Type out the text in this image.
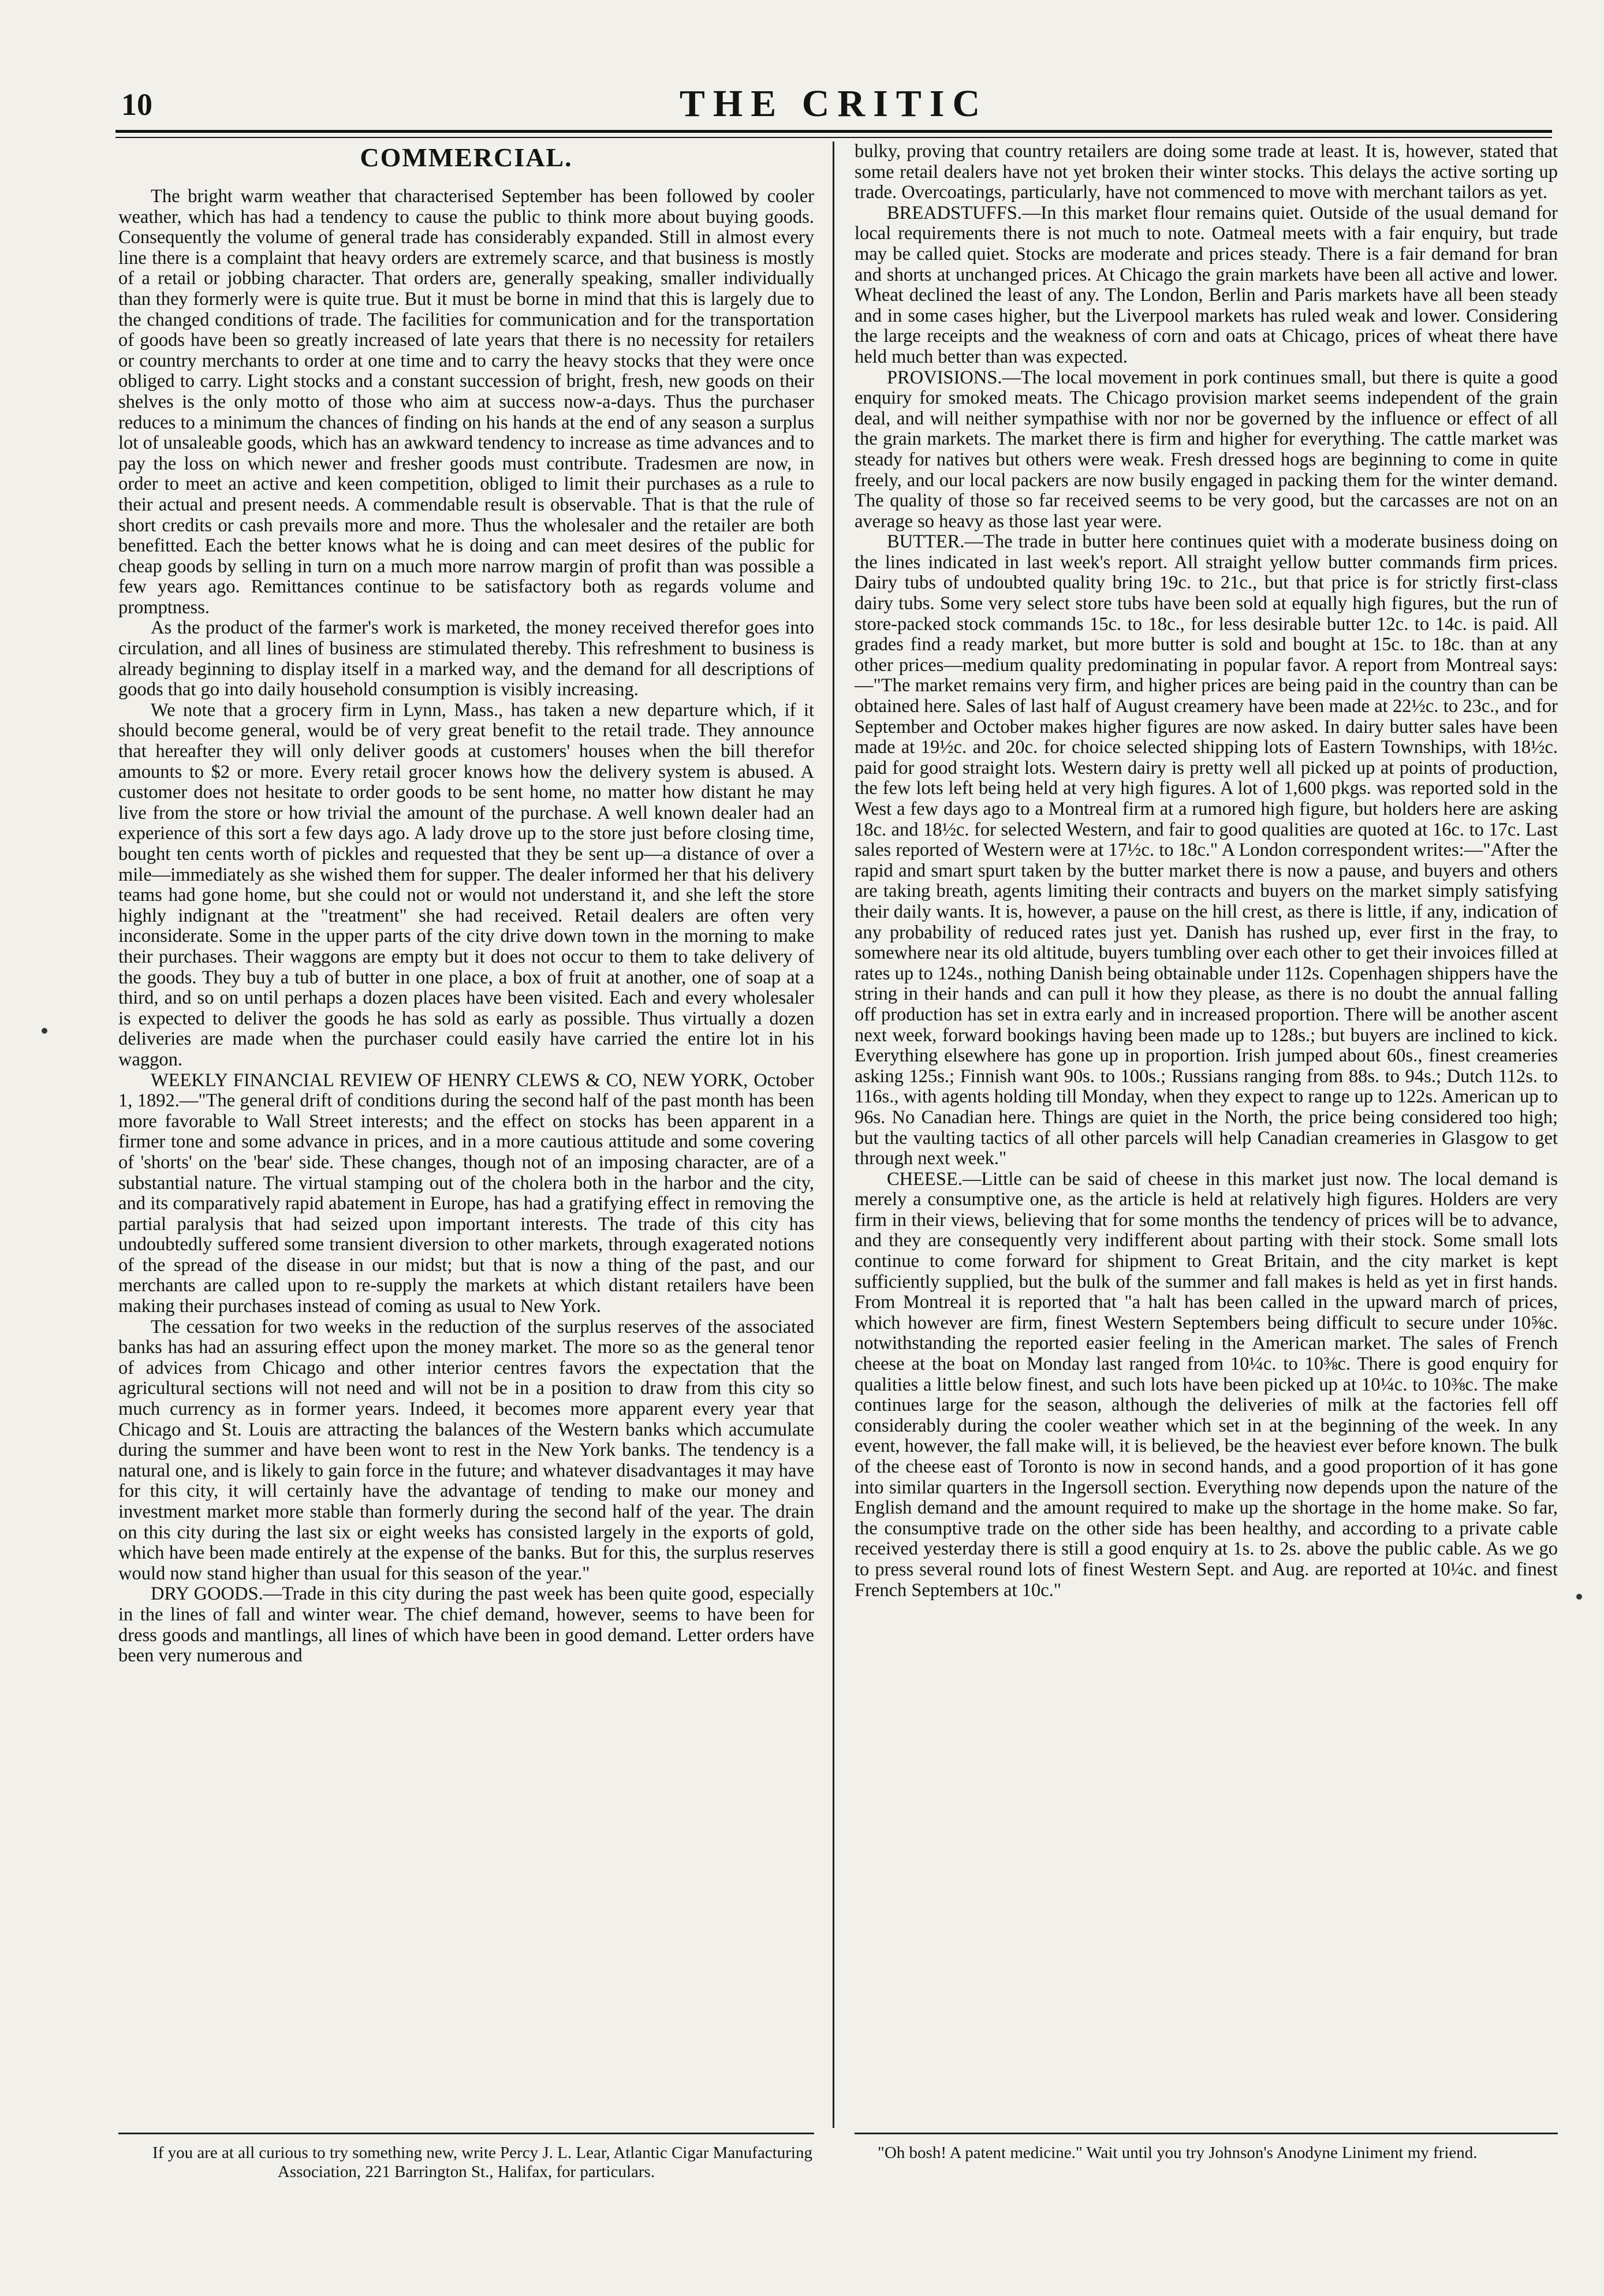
10	THE CRITIC
COMMERCIAL.

The bright warm weather that characterised September has been followed by cooler weather, which has had a tendency to cause the public to think more about buying goods. Consequently the volume of general trade has considerably expanded. Still in almost every line there is a complaint that heavy orders are extremely scarce, and that business is mostly of a retail or jobbing character. That orders are, generally speaking, smaller individually than they formerly were is quite true. But it must be borne in mind that this is largely due to the changed conditions of trade. The facilities for communication and for the transportation of goods have been so greatly increased of late years that there is no necessity for retailers or country merchants to order at one time and to carry the heavy stocks that they were once obliged to carry. Light stocks and a constant succession of bright, fresh, new goods on their shelves is the only motto of those who aim at success now-a-days. Thus the purchaser reduces to a minimum the chances of finding on his hands at the end of any season a surplus lot of unsaleable goods, which has an awkward tendency to increase as time advances and to pay the loss on which newer and fresher goods must contribute. Tradesmen are now, in order to meet an active and keen competition, obliged to limit their purchases as a rule to their actual and present needs. A commendable result is observable. That is that the rule of short credits or cash prevails more and more. Thus the wholesaler and the retailer are both benefitted. Each the better knows what he is doing and can meet desires of the public for cheap goods by selling in turn on a much more narrow margin of profit than was possible a few years ago. Remittances continue to be satisfactory both as regards volume and promptness.

As the product of the farmer's work is marketed, the money received therefor goes into circulation, and all lines of business are stimulated thereby. This refreshment to business is already beginning to display itself in a marked way, and the demand for all descriptions of goods that go into daily household consumption is visibly increasing.

We note that a grocery firm in Lynn, Mass., has taken a new departure which, if it should become general, would be of very great benefit to the retail trade. They announce that hereafter they will only deliver goods at customers' houses when the bill therefor amounts to $2 or more. Every retail grocer knows how the delivery system is abused. A customer does not hesitate to order goods to be sent home, no matter how distant he may live from the store or how trivial the amount of the purchase. A well known dealer had an experience of this sort a few days ago. A lady drove up to the store just before closing time, bought ten cents worth of pickles and requested that they be sent up—a distance of over a mile—immediately as she wished them for supper. The dealer informed her that his delivery teams had gone home, but she could not or would not understand it, and she left the store highly indignant at the "treatment" she had received. Retail dealers are often very inconsiderate. Some in the upper parts of the city drive down town in the morning to make their purchases. Their waggons are empty but it does not occur to them to take delivery of the goods. They buy a tub of butter in one place, a box of fruit at another, one of soap at a third, and so on until perhaps a dozen places have been visited. Each and every wholesaler is expected to deliver the goods he has sold as early as possible. Thus virtually a dozen deliveries are made when the purchaser could easily have carried the entire lot in his waggon.

WEEKLY FINANCIAL REVIEW OF HENRY CLEWS & CO, NEW YORK, October 1, 1892.—"The general drift of conditions during the second half of the past month has been more favorable to Wall Street interests; and the effect on stocks has been apparent in a firmer tone and some advance in prices, and in a more cautious attitude and some covering of 'shorts' on the 'bear' side. These changes, though not of an imposing character, are of a substantial nature. The virtual stamping out of the cholera both in the harbor and the city, and its comparatively rapid abatement in Europe, has had a gratifying effect in removing the partial paralysis that had seized upon important interests. The trade of this city has undoubtedly suffered some transient diversion to other markets, through exagerated notions of the spread of the disease in our midst; but that is now a thing of the past, and our merchants are called upon to re-supply the markets at which distant retailers have been making their purchases instead of coming as usual to New York.

The cessation for two weeks in the reduction of the surplus reserves of the associated banks has had an assuring effect upon the money market. The more so as the general tenor of advices from Chicago and other interior centres favors the expectation that the agricultural sections will not need and will not be in a position to draw from this city so much currency as in former years. Indeed, it becomes more apparent every year that Chicago and St. Louis are attracting the balances of the Western banks which accumulate during the summer and have been wont to rest in the New York banks. The tendency is a natural one, and is likely to gain force in the future; and whatever disadvantages it may have for this city, it will certainly have the advantage of tending to make our money and investment market more stable than formerly during the second half of the year. The drain on this city during the last six or eight weeks has consisted largely in the exports of gold, which have been made entirely at the expense of the banks. But for this, the surplus reserves would now stand higher than usual for this season of the year."

DRY GOODS.—Trade in this city during the past week has been quite good, especially in the lines of fall and winter wear. The chief demand, however, seems to have been for dress goods and mantlings, all lines of which have been in good demand. Letter orders have been very numerous and

bulky, proving that country retailers are doing some trade at least. It is, however, stated that some retail dealers have not yet broken their winter stocks. This delays the active sorting up trade. Overcoatings, particularly, have not commenced to move with merchant tailors as yet.

BREADSTUFFS.—In this market flour remains quiet. Outside of the usual demand for local requirements there is not much to note. Oatmeal meets with a fair enquiry, but trade may be called quiet. Stocks are moderate and prices steady. There is a fair demand for bran and shorts at unchanged prices. At Chicago the grain markets have been all active and lower. Wheat declined the least of any. The London, Berlin and Paris markets have all been steady and in some cases higher, but the Liverpool markets has ruled weak and lower. Considering the large receipts and the weakness of corn and oats at Chicago, prices of wheat there have held much better than was expected.

PROVISIONS.—The local movement in pork continues small, but there is quite a good enquiry for smoked meats. The Chicago provision market seems independent of the grain deal, and will neither sympathise with nor nor be governed by the influence or effect of all the grain markets. The market there is firm and higher for everything. The cattle market was steady for natives but others were weak. Fresh dressed hogs are beginning to come in quite freely, and our local packers are now busily engaged in packing them for the winter demand. The quality of those so far received seems to be very good, but the carcasses are not on an average so heavy as those last year were.

BUTTER.—The trade in butter here continues quiet with a moderate business doing on the lines indicated in last week's report. All straight yellow butter commands firm prices. Dairy tubs of undoubted quality bring 19c. to 21c., but that price is for strictly first-class dairy tubs. Some very select store tubs have been sold at equally high figures, but the run of store-packed stock commands 15c. to 18c., for less desirable butter 12c. to 14c. is paid. All grades find a ready market, but more butter is sold and bought at 15c. to 18c. than at any other prices—medium quality predominating in popular favor. A report from Montreal says:—"The market remains very firm, and higher prices are being paid in the country than can be obtained here. Sales of last half of August creamery have been made at 22½c. to 23c., and for September and October makes higher figures are now asked. In dairy butter sales have been made at 19½c. and 20c. for choice selected shipping lots of Eastern Townships, with 18½c. paid for good straight lots. Western dairy is pretty well all picked up at points of production, the few lots left being held at very high figures. A lot of 1,600 pkgs. was reported sold in the West a few days ago to a Montreal firm at a rumored high figure, but holders here are asking 18c. and 18½c. for selected Western, and fair to good qualities are quoted at 16c. to 17c. Last sales reported of Western were at 17½c. to 18c." A London correspondent writes:—"After the rapid and smart spurt taken by the butter market there is now a pause, and buyers and others are taking breath, agents limiting their contracts and buyers on the market simply satisfying their daily wants. It is, however, a pause on the hill crest, as there is little, if any, indication of any probability of reduced rates just yet. Danish has rushed up, ever first in the fray, to somewhere near its old altitude, buyers tumbling over each other to get their invoices filled at rates up to 124s., nothing Danish being obtainable under 112s. Copenhagen shippers have the string in their hands and can pull it how they please, as there is no doubt the annual falling off production has set in extra early and in increased proportion. There will be another ascent next week, forward bookings having been made up to 128s.; but buyers are inclined to kick. Everything elsewhere has gone up in proportion. Irish jumped about 60s., finest creameries asking 125s.; Finnish want 90s. to 100s.; Russians ranging from 88s. to 94s.; Dutch 112s. to 116s., with agents holding till Monday, when they expect to range up to 122s. American up to 96s. No Canadian here. Things are quiet in the North, the price being considered too high; but the vaulting tactics of all other parcels will help Canadian creameries in Glasgow to get through next week."

CHEESE.—Little can be said of cheese in this market just now. The local demand is merely a consumptive one, as the article is held at relatively high figures. Holders are very firm in their views, believing that for some months the tendency of prices will be to advance, and they are consequently very indifferent about parting with their stock. Some small lots continue to come forward for shipment to Great Britain, and the city market is kept sufficiently supplied, but the bulk of the summer and fall makes is held as yet in first hands. From Montreal it is reported that "a halt has been called in the upward march of prices, which however are firm, finest Western Septembers being difficult to secure under 10⅝c. notwithstanding the reported easier feeling in the American market. The sales of French cheese at the boat on Monday last ranged from 10¼c. to 10⅜c. There is good enquiry for qualities a little below finest, and such lots have been picked up at 10¼c. to 10⅜c. The make continues large for the season, although the deliveries of milk at the factories fell off considerably during the cooler weather which set in at the beginning of the week. In any event, however, the fall make will, it is believed, be the heaviest ever before known. The bulk of the cheese east of Toronto is now in second hands, and a good proportion of it has gone into similar quarters in the Ingersoll section. Everything now depends upon the nature of the English demand and the amount required to make up the shortage in the home make. So far, the consumptive trade on the other side has been healthy, and according to a private cable received yesterday there is still a good enquiry at 1s. to 2s. above the public cable. As we go to press several round lots of finest Western Sept. and Aug. are reported at 10¼c. and finest French Septembers at 10c."

If you are at all curious to try something new, write Percy J. L. Lear, Atlantic Cigar Manufacturing Association, 221 Barrington St., Halifax, for particulars.
"Oh bosh! A patent medicine." Wait until you try Johnson's Anodyne Liniment my friend.
